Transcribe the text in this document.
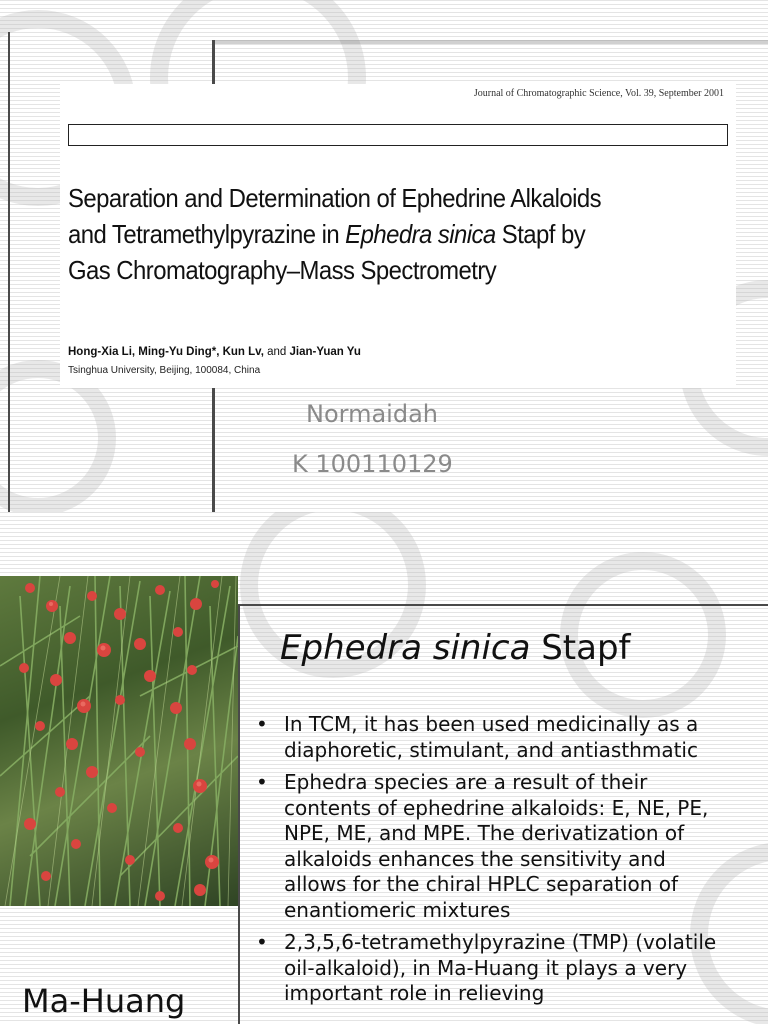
Journal of Chromatographic Science, Vol. 39, September 2001
Separation and Determination of Ephedrine Alkaloids
and Tetramethylpyrazine in Ephedra sinica Stapf by
Gas Chromatography–Mass Spectrometry
Hong-Xia Li, Ming-Yu Ding*, Kun Lv, and Jian-Yuan Yu
Tsinghua University, Beijing, 100084, China
Normaidah
K 100110129
Ma-Huang
Ephedra sinica Stapf
• In TCM, it has been used medicinally as a diaphoretic, stimulant, and antiasthmatic
• Ephedra species are a result of their contents of ephedrine alkaloids: E, NE, PE, NPE, ME, and MPE. The derivatization of alkaloids enhances the sensitivity and allows for the chiral HPLC separation of enantiomeric mixtures
• 2,3,5,6-tetramethylpyrazine (TMP) (volatile oil-alkaloid), in Ma-Huang it plays a very important role in relieving
